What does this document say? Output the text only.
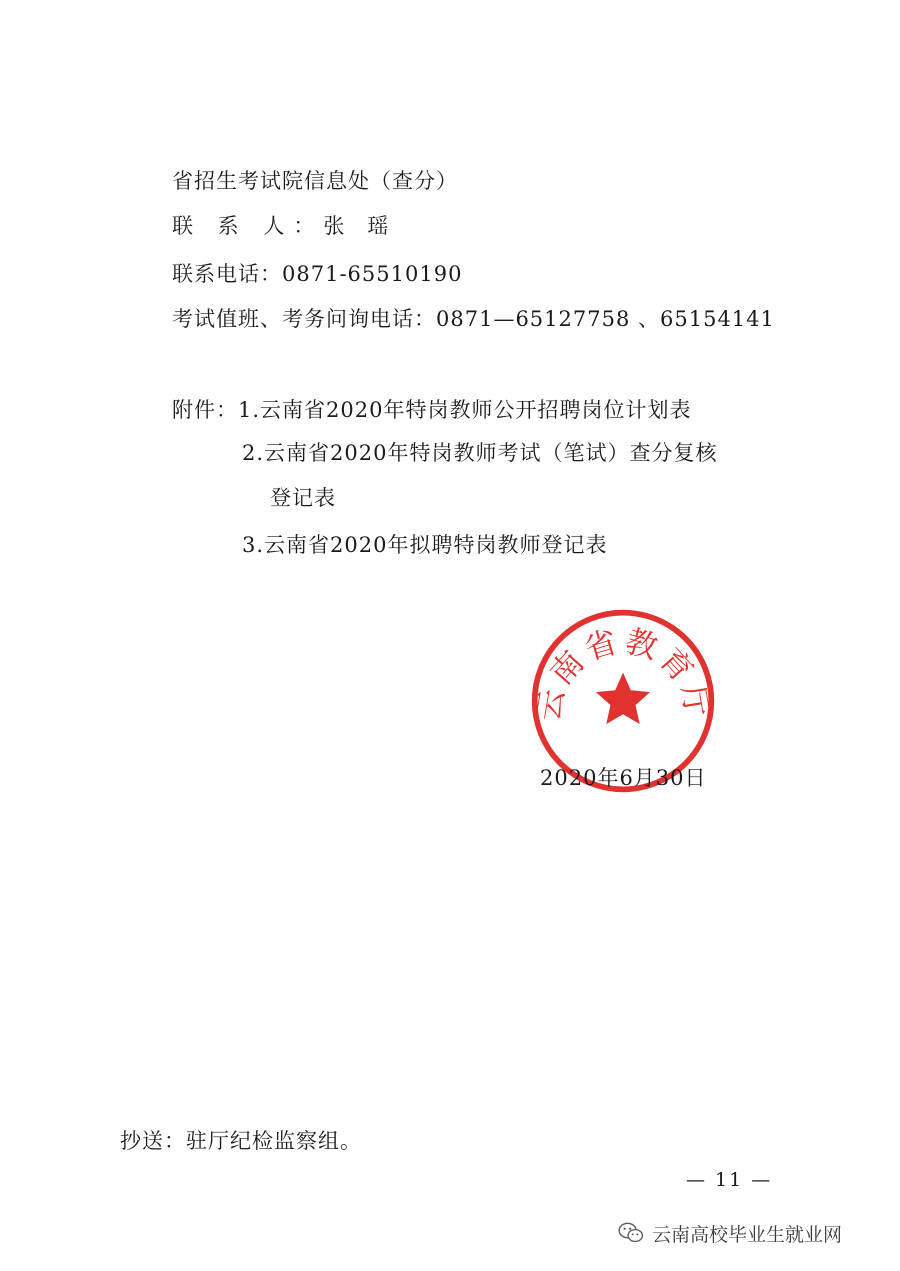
省招生考试院信息处（查分）
联 系 人：张　瑶
联系电话：0871-65510190
考试值班、考务问询电话：0871—65127758 、65154141
附件：1.云南省2020年特岗教师公开招聘岗位计划表
2.云南省2020年特岗教师考试（笔试）查分复核
登记表
3.云南省2020年拟聘特岗教师登记表
云南省教育厅
2020年6月30日
抄送：驻厅纪检监察组。
— 11 —
云南高校毕业生就业网
